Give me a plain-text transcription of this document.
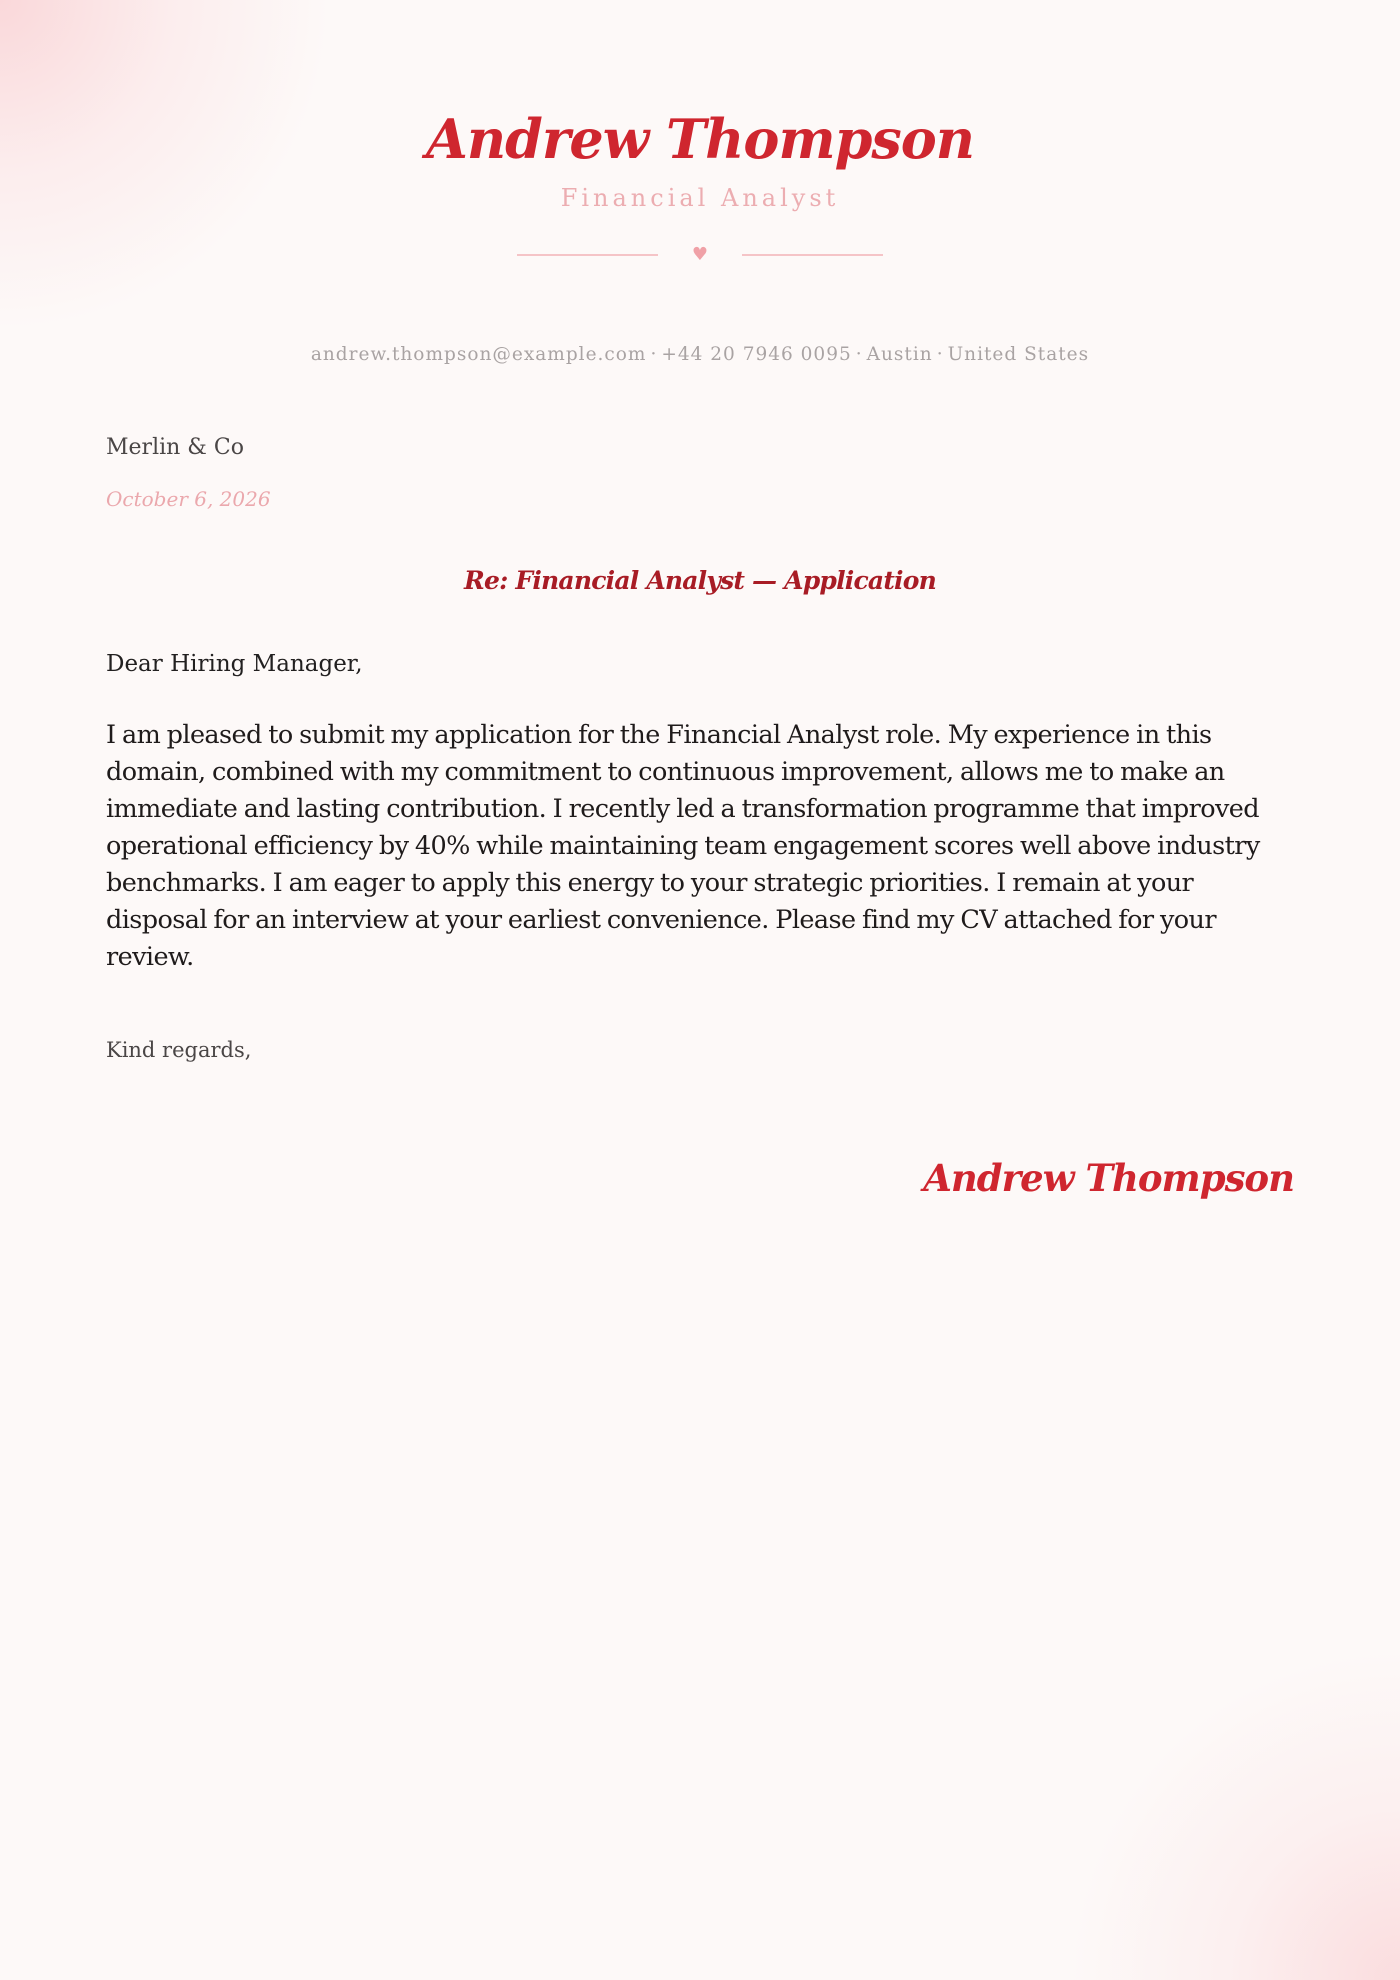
Andrew Thompson
Financial Analyst
♥
andrew.thompson@example.com · +44 20 7946 0095 · Austin · United States
Merlin & Co
October 6, 2026
Re: Financial Analyst — Application
Dear Hiring Manager,

I am pleased to submit my application for the Financial Analyst role. My experience in this domain, combined with my commitment to continuous improvement, allows me to make an immediate and lasting contribution. I recently led a transformation programme that improved operational efficiency by 40% while maintaining team engagement scores well above industry benchmarks. I am eager to apply this energy to your strategic priorities. I remain at your disposal for an interview at your earliest convenience. Please find my CV attached for your review.

Kind regards,
Andrew Thompson
